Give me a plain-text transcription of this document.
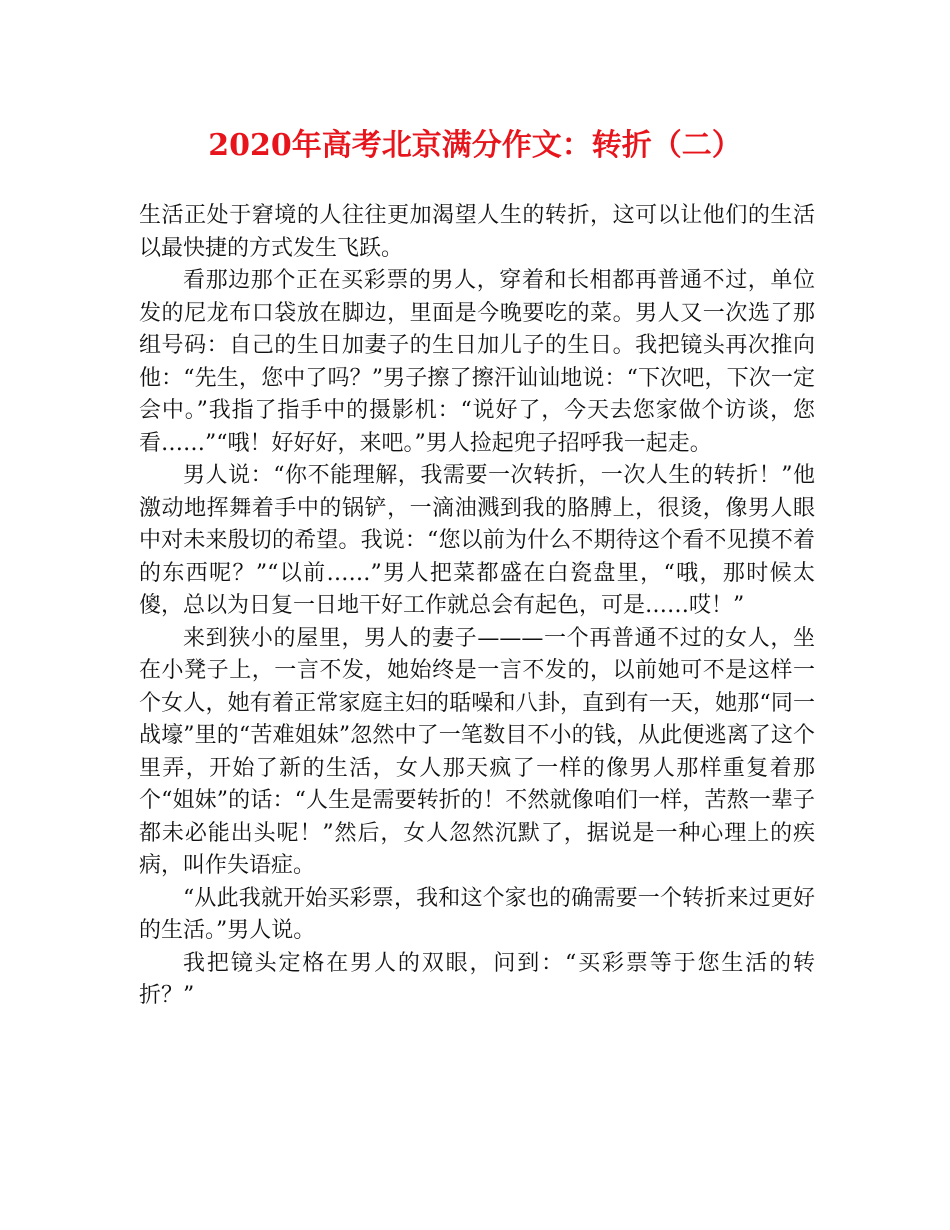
2020年高考北京满分作文：转折（二）

生活正处于窘境的人往往更加渴望人生的转折，这可以让他们的生活以最快捷的方式发生飞跃。

看那边那个正在买彩票的男人，穿着和长相都再普通不过，单位发的尼龙布口袋放在脚边，里面是今晚要吃的菜。男人又一次选了那组号码：自己的生日加妻子的生日加儿子的生日。我把镜头再次推向他：“先生，您中了吗？”男子擦了擦汗讪讪地说：“下次吧，下次一定会中。”我指了指手中的摄影机：“说好了，今天去您家做个访谈，您看……”“哦！好好好，来吧。”男人捡起兜子招呼我一起走。

男人说：“你不能理解，我需要一次转折，一次人生的转折！”他激动地挥舞着手中的锅铲，一滴油溅到我的胳膊上，很烫，像男人眼中对未来殷切的希望。我说：“您以前为什么不期待这个看不见摸不着的东西呢？”“以前……”男人把菜都盛在白瓷盘里，“哦，那时候太傻，总以为日复一日地干好工作就总会有起色，可是……哎！”

来到狭小的屋里，男人的妻子———一个再普通不过的女人，坐在小凳子上，一言不发，她始终是一言不发的，以前她可不是这样一个女人，她有着正常家庭主妇的聒噪和八卦，直到有一天，她那“同一战壕”里的“苦难姐妹”忽然中了一笔数目不小的钱，从此便逃离了这个里弄，开始了新的生活，女人那天疯了一样的像男人那样重复着那个“姐妹”的话：“人生是需要转折的！不然就像咱们一样，苦熬一辈子都未必能出头呢！”然后，女人忽然沉默了，据说是一种心理上的疾病，叫作失语症。

“从此我就开始买彩票，我和这个家也的确需要一个转折来过更好的生活。”男人说。

我把镜头定格在男人的双眼，问到：“买彩票等于您生活的转折？”
